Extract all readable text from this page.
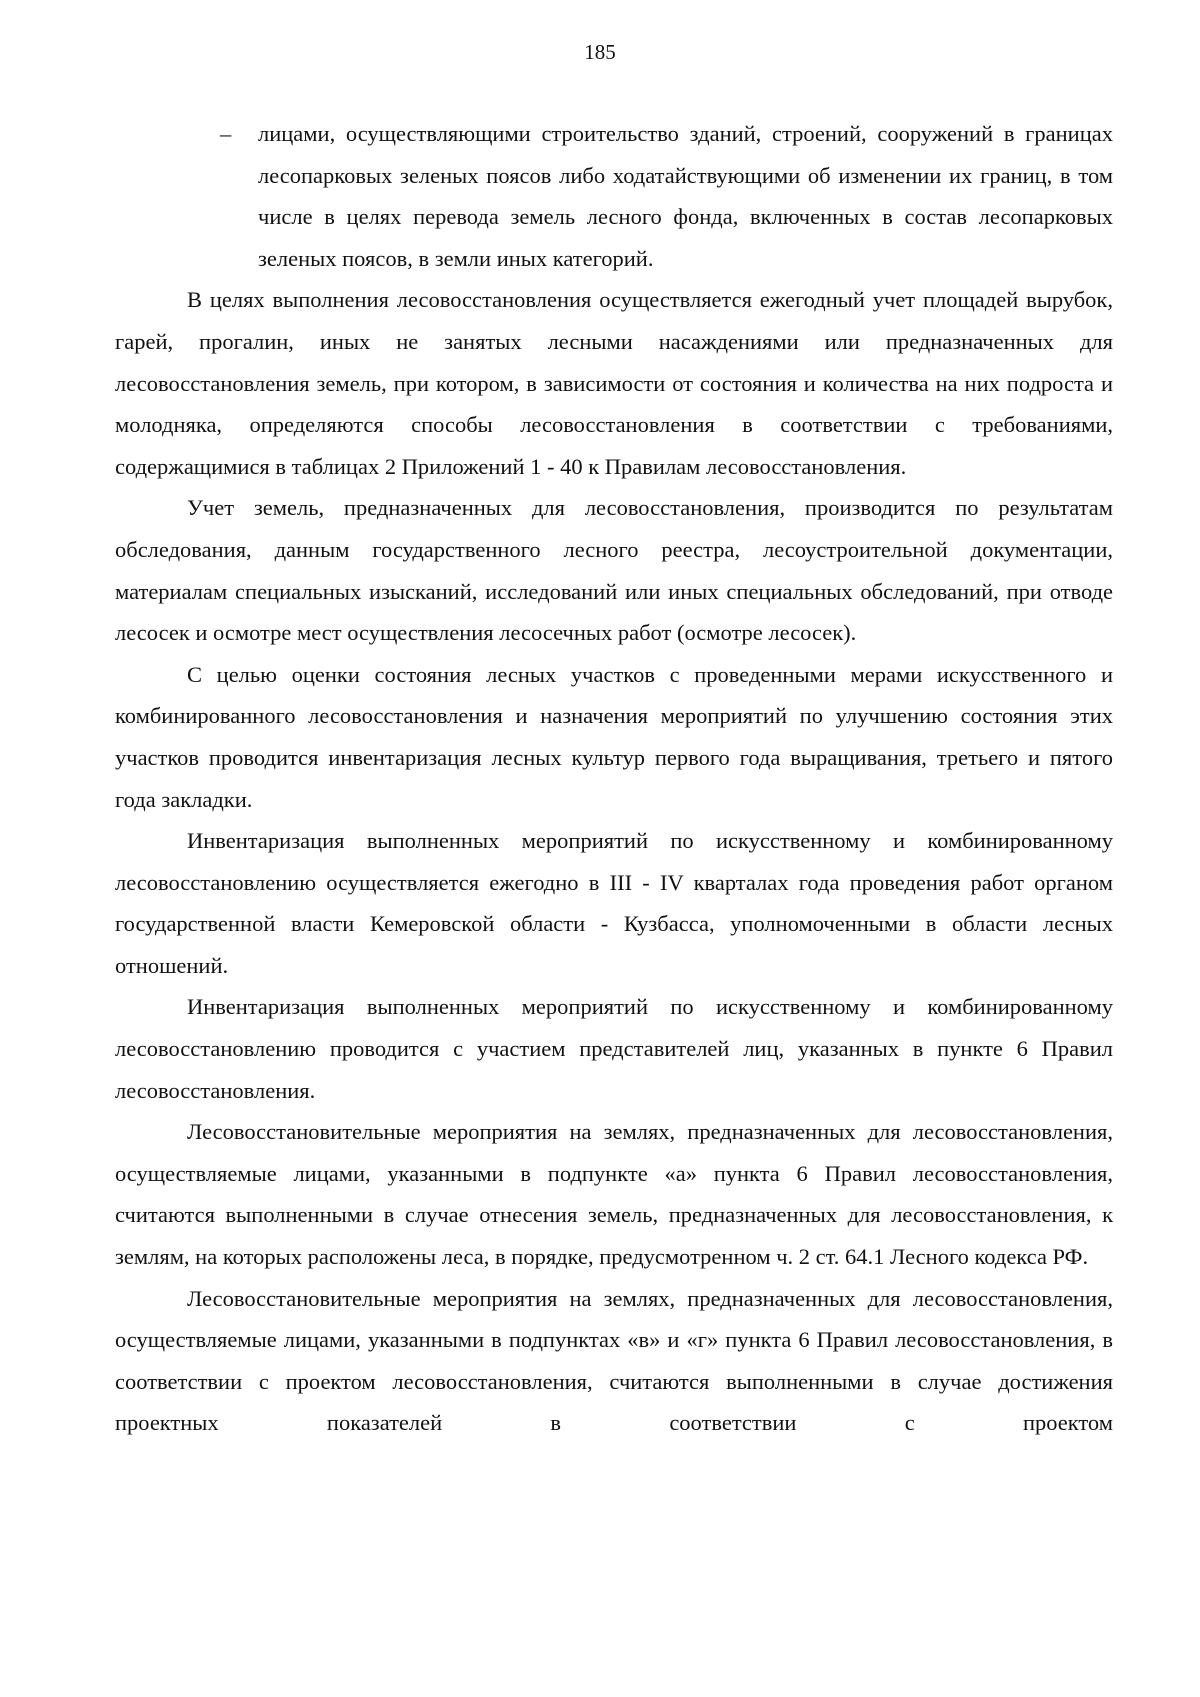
185

– лицами, осуществляющими строительство зданий, строений, сооружений в границах лесопарковых зеленых поясов либо ходатайствующими об изменении их границ, в том числе в целях перевода земель лесного фонда, включенных в состав лесопарковых зеленых поясов, в земли иных категорий.

В целях выполнения лесовосстановления осуществляется ежегодный учет площадей вырубок, гарей, прогалин, иных не занятых лесными насаждениями или предназначенных для лесовосстановления земель, при котором, в зависимости от состояния и количества на них подроста и молодняка, определяются способы лесовосстановления в соответствии с требованиями, содержащимися в таблицах 2 Приложений 1 - 40 к Правилам лесовосстановления.

Учет земель, предназначенных для лесовосстановления, производится по результатам обследования, данным государственного лесного реестра, лесоустроительной документации, материалам специальных изысканий, исследований или иных специальных обследований, при отводе лесосек и осмотре мест осуществления лесосечных работ (осмотре лесосек).

С целью оценки состояния лесных участков с проведенными мерами искусственного и комбинированного лесовосстановления и назначения мероприятий по улучшению состояния этих участков проводится инвентаризация лесных культур первого года выращивания, третьего и пятого года закладки.

Инвентаризация выполненных мероприятий по искусственному и комбинированному лесовосстановлению осуществляется ежегодно в III - IV кварталах года проведения работ органом государственной власти Кемеровской области - Кузбасса, уполномоченными в области лесных отношений.

Инвентаризация выполненных мероприятий по искусственному и комбинированному лесовосстановлению проводится с участием представителей лиц, указанных в пункте 6 Правил лесовосстановления.

Лесовосстановительные мероприятия на землях, предназначенных для лесовосстановления, осуществляемые лицами, указанными в подпункте «а» пункта 6 Правил лесовосстановления, считаются выполненными в случае отнесения земель, предназначенных для лесовосстановления, к землям, на которых расположены леса, в порядке, предусмотренном ч. 2 ст. 64.1 Лесного кодекса РФ.

Лесовосстановительные мероприятия на землях, предназначенных для лесовосстановления, осуществляемые лицами, указанными в подпунктах «в» и «г» пункта 6 Правил лесовосстановления, в соответствии с проектом лесовосстановления, считаются выполненными в случае достижения проектных показателей в соответствии с проектом
